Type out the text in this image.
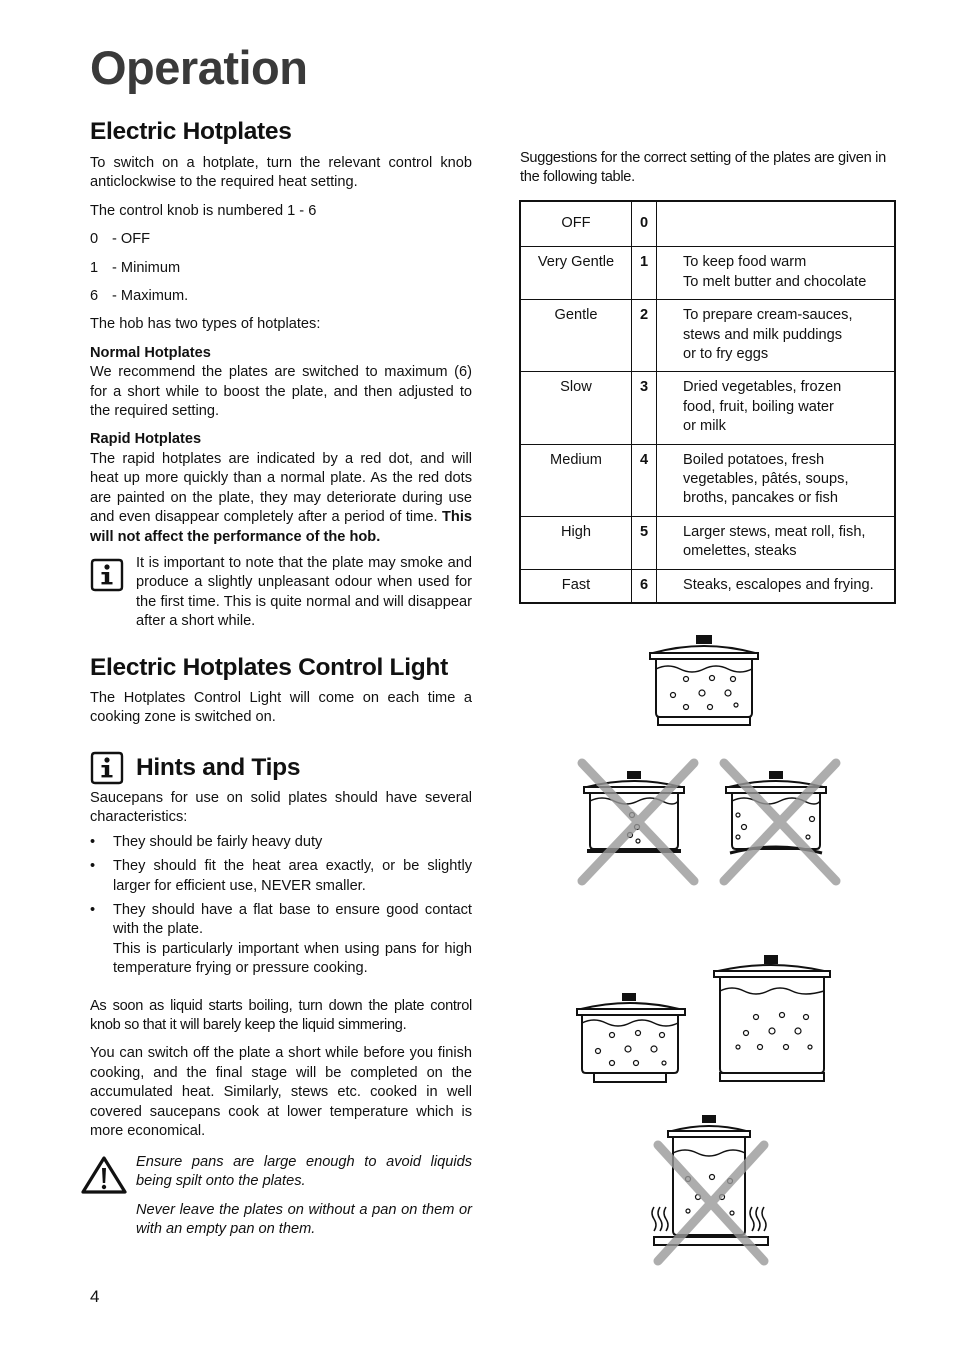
Operation
Electric Hotplates

To switch on a hotplate, turn the relevant control knob anticlockwise to the required heat setting.

The control knob is numbered 1 - 6

0 - OFF

1 - Minimum

6 - Maximum.

The hob has two types of hotplates:

Normal Hotplates

We recommend the plates are switched to maximum (6) for a short while to boost the plate, and then adjusted to the required setting.

Rapid Hotplates

The rapid hotplates are indicated by a red dot, and will heat up more quickly than a normal plate. As the red dots are painted on the plate, they may deteriorate during use and even disappear completely after a period of time. This will not affect the performance of the hob.

It is important to note that the plate may smoke and produce a slightly unpleasant odour when used for the first time. This is quite normal and will disappear after a short while.

Electric Hotplates Control Light

The Hotplates Control Light will come on each time a cooking zone is switched on.

Hints and Tips

Saucepans for use on solid plates should have several characteristics:

• They should be fairly heavy duty
• They should fit the heat area exactly, or be slightly larger for efficient use, NEVER smaller.
• They should have a flat base to ensure good contact with the plate.
This is particularly important when using pans for high temperature frying or pressure cooking.

As soon as liquid starts boiling, turn down the plate control knob so that it will barely keep the liquid simmering.

You can switch off the plate a short while before you finish cooking, and the final stage will be completed on the accumulated heat. Similarly, stews etc. cooked in well covered saucepans cook at lower temperature which is more economical.

Ensure pans are large enough to avoid liquids being spilt onto the plates.

Never leave the plates on without a pan on them or with an empty pan on them.

4

Suggestions for the correct setting of the plates are given in the following table.

OFF	0	
Very Gentle	1	To keep food warm
To melt butter and chocolate

Gentle	2	To prepare cream-sauces,
stews and milk puddings
or to fry eggs

Slow	3	Dried vegetables, frozen
food, fruit, boiling water
or milk

Medium	4	Boiled potatoes, fresh
vegetables, pâtés, soups,
broths, pancakes or fish

High	5	Larger stews, meat roll, fish,
omelettes, steaks

Fast	6	Steaks, escalopes and frying.
